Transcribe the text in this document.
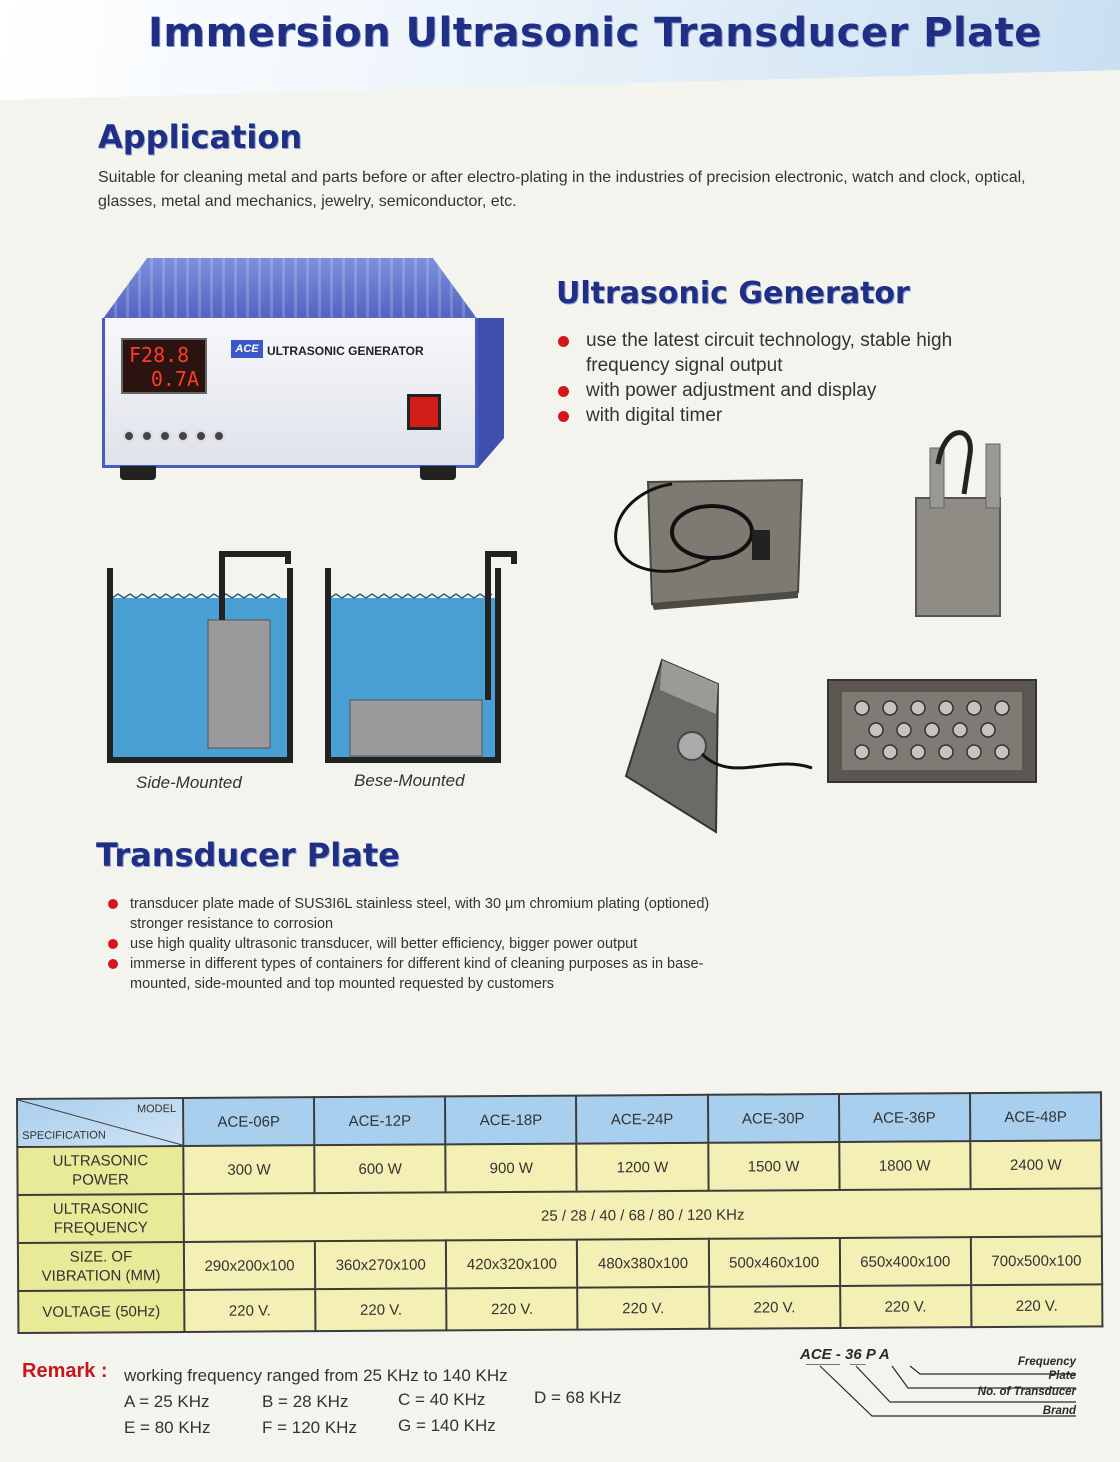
Immersion Ultrasonic Transducer Plate
Application

Suitable for cleaning metal and parts before or after electro-plating in the industries of precision electronic, watch and clock, optical, glasses, metal and mechanics, jewelry, semiconductor, etc.

F28.8
0.7A
ACE ULTRASONIC GENERATOR
Ultrasonic Generator
use the latest circuit technology, stable high frequency signal output
with power adjustment and display
with digital timer
Side-Mounted	Bese-Mounted
Transducer Plate
transducer plate made of SUS3I6L stainless steel, with 30 μm chromium plating (optioned) stronger resistance to corrosion
use high quality ultrasonic transducer, will better efficiency, bigger power output
immerse in different types of containers for different kind of cleaning purposes as in base-mounted, side-mounted and top mounted requested by customers
MODEL
SPECIFICATION	ACE-06P	ACE-12P	ACE-18P	ACE-24P	ACE-30P	ACE-36P	ACE-48P

ULTRASONIC
POWER	300 W	600 W	900 W	1200 W	1500 W	1800 W	2400 W

ULTRASONIC
FREQUENCY	25 / 28 / 40 / 68 / 80 / 120 KHz						

SIZE. OF
VIBRATION (MM)	290x200x100	360x270x100	420x320x100	480x380x100	500x460x100	650x400x100	700x500x100
VOLTAGE (50Hz)	220 V.	220 V.	220 V.	220 V.	220 V.	220 V.	220 V.
Remark : working frequency ranged from 25 KHz to 140 KHz
A = 25 KHz	B = 28 KHz	C = 40 KHz	D = 68 KHz
E = 80 KHz	F = 120 KHz G = 140 KHz
ACE - 36 P A	Frequency
Plate
No. of Transducer
Brand
